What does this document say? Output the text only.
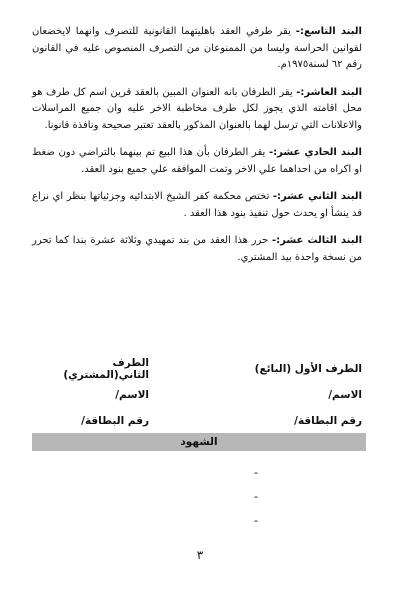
البند التاسع:- يقر طرفي العقد باهليتهما القانونية للتصرف وانهما لايخضعان لقوانين الحراسة وليسا من الممنوعان من التصرف المنصوص عليه في القانون رقم ٦٢ لسنة١٩٧٥م.

البند العاشر:- يقر الطرفان بانه العنوان المبين بالعقد قرين اسم كل طرف هو محل اقامته الذي يجوز لكل طرف مخاطبة الاخر عليه وان جميع المراسلات والاعلانات التي ترسل لهما بالعنوان المذكور بالعقد تعتبر صحيحة ونافذة قانونا.

البند الحادي عشر:- يقر الطرفان بأن هذا البيع تم بينهما بالتراضي دون ضغط او اكراه من احداهما علي الاخر وتمت الموافقه علي جميع بنود العقد.

البند الثاني عشر:- تختص محكمة كفر الشيخ الابتدائيه وجزئياتها بنظر اي نزاع قد ينشأ او يحدث حول تنفيذ بنود هذا العقد .

البند الثالث عشر:- حرر هذا العقد من بند تمهيدي وثلاثة عشرة بندا كما تحرر من نسخة واحدة بيد المشتري.

الطرف الأول (البائع)
الطرف الثاني(المشتري)
الاسم/
الاسم/
رقم البطاقة/
رقم البطاقة/
الشهود
-
-
-
٣
